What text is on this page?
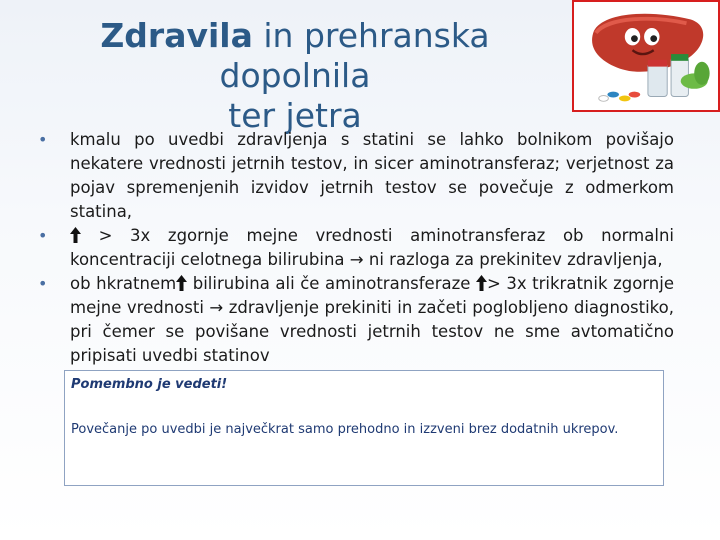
Zdravila in prehranska dopolnila
ter jetra
• kmalu po uvedbi zdravljenja s statini se lahko bolnikom povišajo nekatere vrednosti jetrnih testov, in sicer aminotransferaz; verjetnost za pojav spremenjenih izvidov jetrnih testov se povečuje z odmerkom statina,
•	> 3x zgornje mejne vrednosti aminotransferaz ob normalni koncentraciji celotnega bilirubina → ni razloga za prekinitev zdravljenja,
• ob hkratnem
bilirubina ali če aminotransferaze
> 3x trikratnik zgornje mejne vrednosti → zdravljenje prekiniti in začeti poglobljeno diagnostiko, pri čemer se povišane vrednosti jetrnih testov ne sme avtomatično pripisati uvedbi statinov
Pomembno je vedeti!
Povečanje po uvedbi je največkrat samo prehodno in izzveni brez dodatnih ukrepov.
